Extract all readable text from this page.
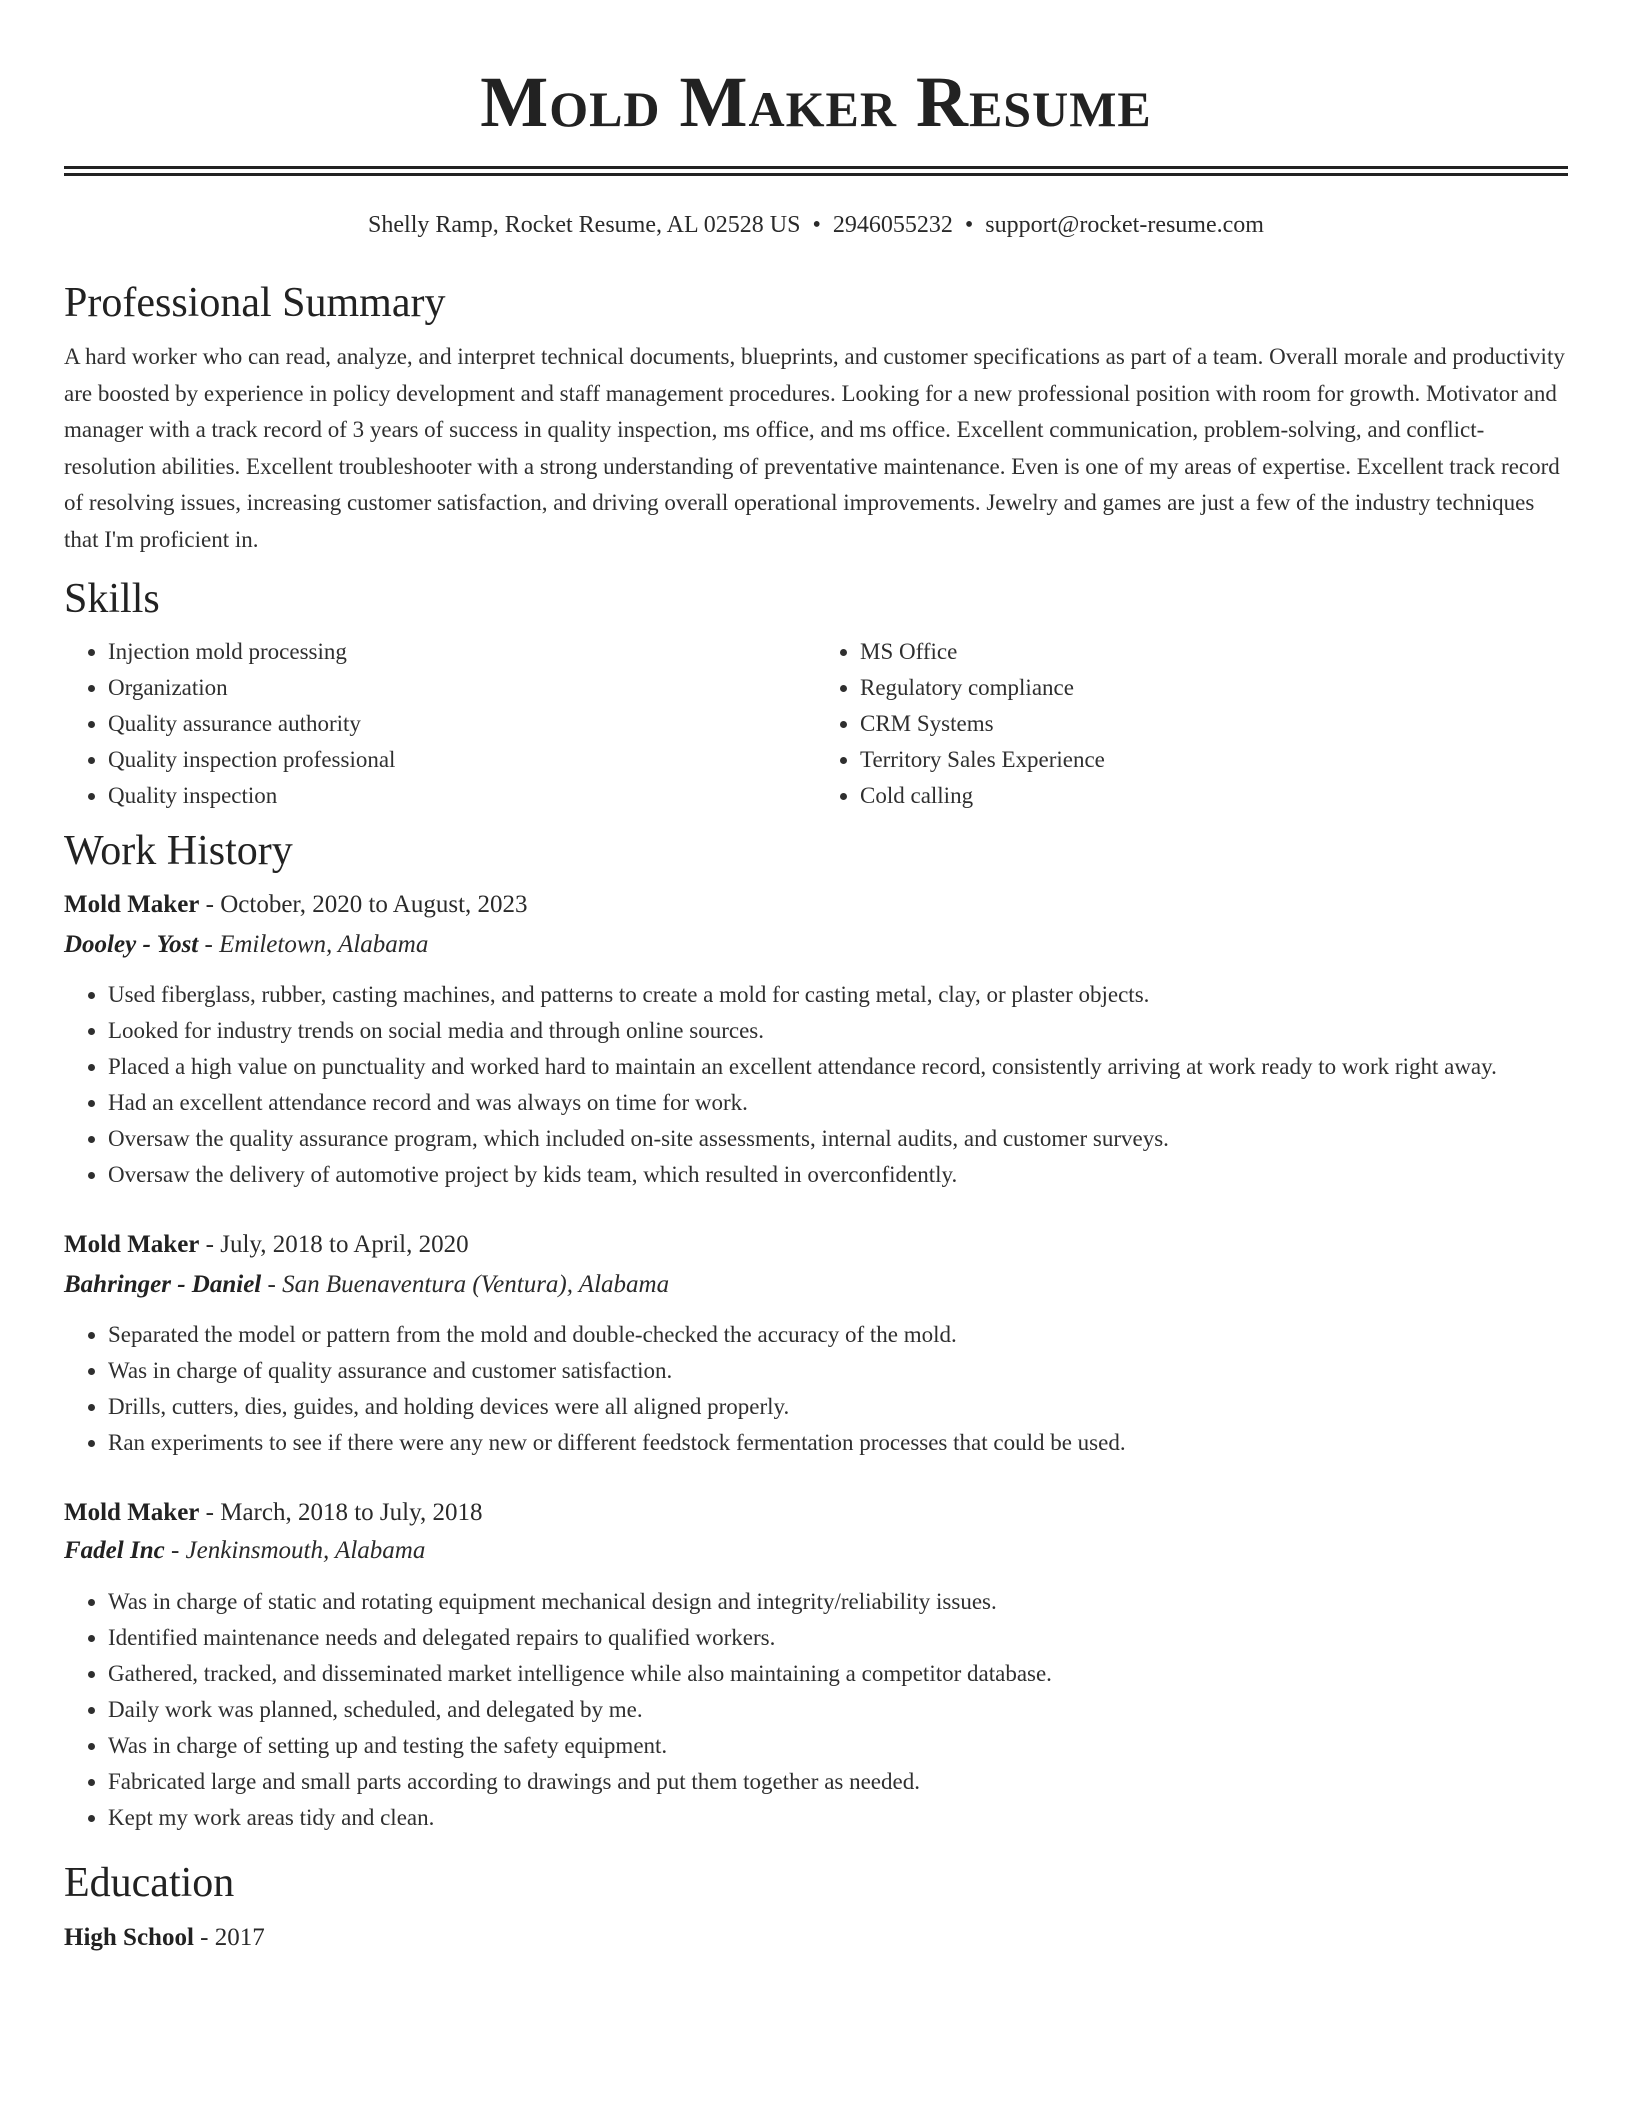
Mold Maker Resume
Shelly Ramp, Rocket Resume, AL 02528 US • 2946055232 • support@rocket-resume.com
Professional Summary

A hard worker who can read, analyze, and interpret technical documents, blueprints, and customer specifications as part of a team. Overall morale and productivity are boosted by experience in policy development and staff management procedures. Looking for a new professional position with room for growth. Motivator and manager with a track record of 3 years of success in quality inspection, ms office, and ms office. Excellent communication, problem-solving, and conflict-resolution abilities. Excellent troubleshooter with a strong understanding of preventative maintenance. Even is one of my areas of expertise. Excellent track record of resolving issues, increasing customer satisfaction, and driving overall operational improvements. Jewelry and games are just a few of the industry techniques that I'm proficient in.

Skills
• Injection mold processing
• Organization
• Quality assurance authority
• Quality inspection professional
• Quality inspection
• MS Office
• Regulatory compliance
• CRM Systems
• Territory Sales Experience
• Cold calling
Work History

Mold Maker - October, 2020 to August, 2023

Dooley - Yost - Emiletown, Alabama

• Used fiberglass, rubber, casting machines, and patterns to create a mold for casting metal, clay, or plaster objects.
• Looked for industry trends on social media and through online sources.
• Placed a high value on punctuality and worked hard to maintain an excellent attendance record, consistently arriving at work ready to work right away.
• Had an excellent attendance record and was always on time for work.
• Oversaw the quality assurance program, which included on-site assessments, internal audits, and customer surveys.
• Oversaw the delivery of automotive project by kids team, which resulted in overconfidently.

Mold Maker - July, 2018 to April, 2020

Bahringer - Daniel - San Buenaventura (Ventura), Alabama

• Separated the model or pattern from the mold and double-checked the accuracy of the mold.
• Was in charge of quality assurance and customer satisfaction.
• Drills, cutters, dies, guides, and holding devices were all aligned properly.
• Ran experiments to see if there were any new or different feedstock fermentation processes that could be used.

Mold Maker - March, 2018 to July, 2018

Fadel Inc - Jenkinsmouth, Alabama

• Was in charge of static and rotating equipment mechanical design and integrity/reliability issues.
• Identified maintenance needs and delegated repairs to qualified workers.
• Gathered, tracked, and disseminated market intelligence while also maintaining a competitor database.
• Daily work was planned, scheduled, and delegated by me.
• Was in charge of setting up and testing the safety equipment.
• Fabricated large and small parts according to drawings and put them together as needed.
• Kept my work areas tidy and clean.
Education

High School - 2017
